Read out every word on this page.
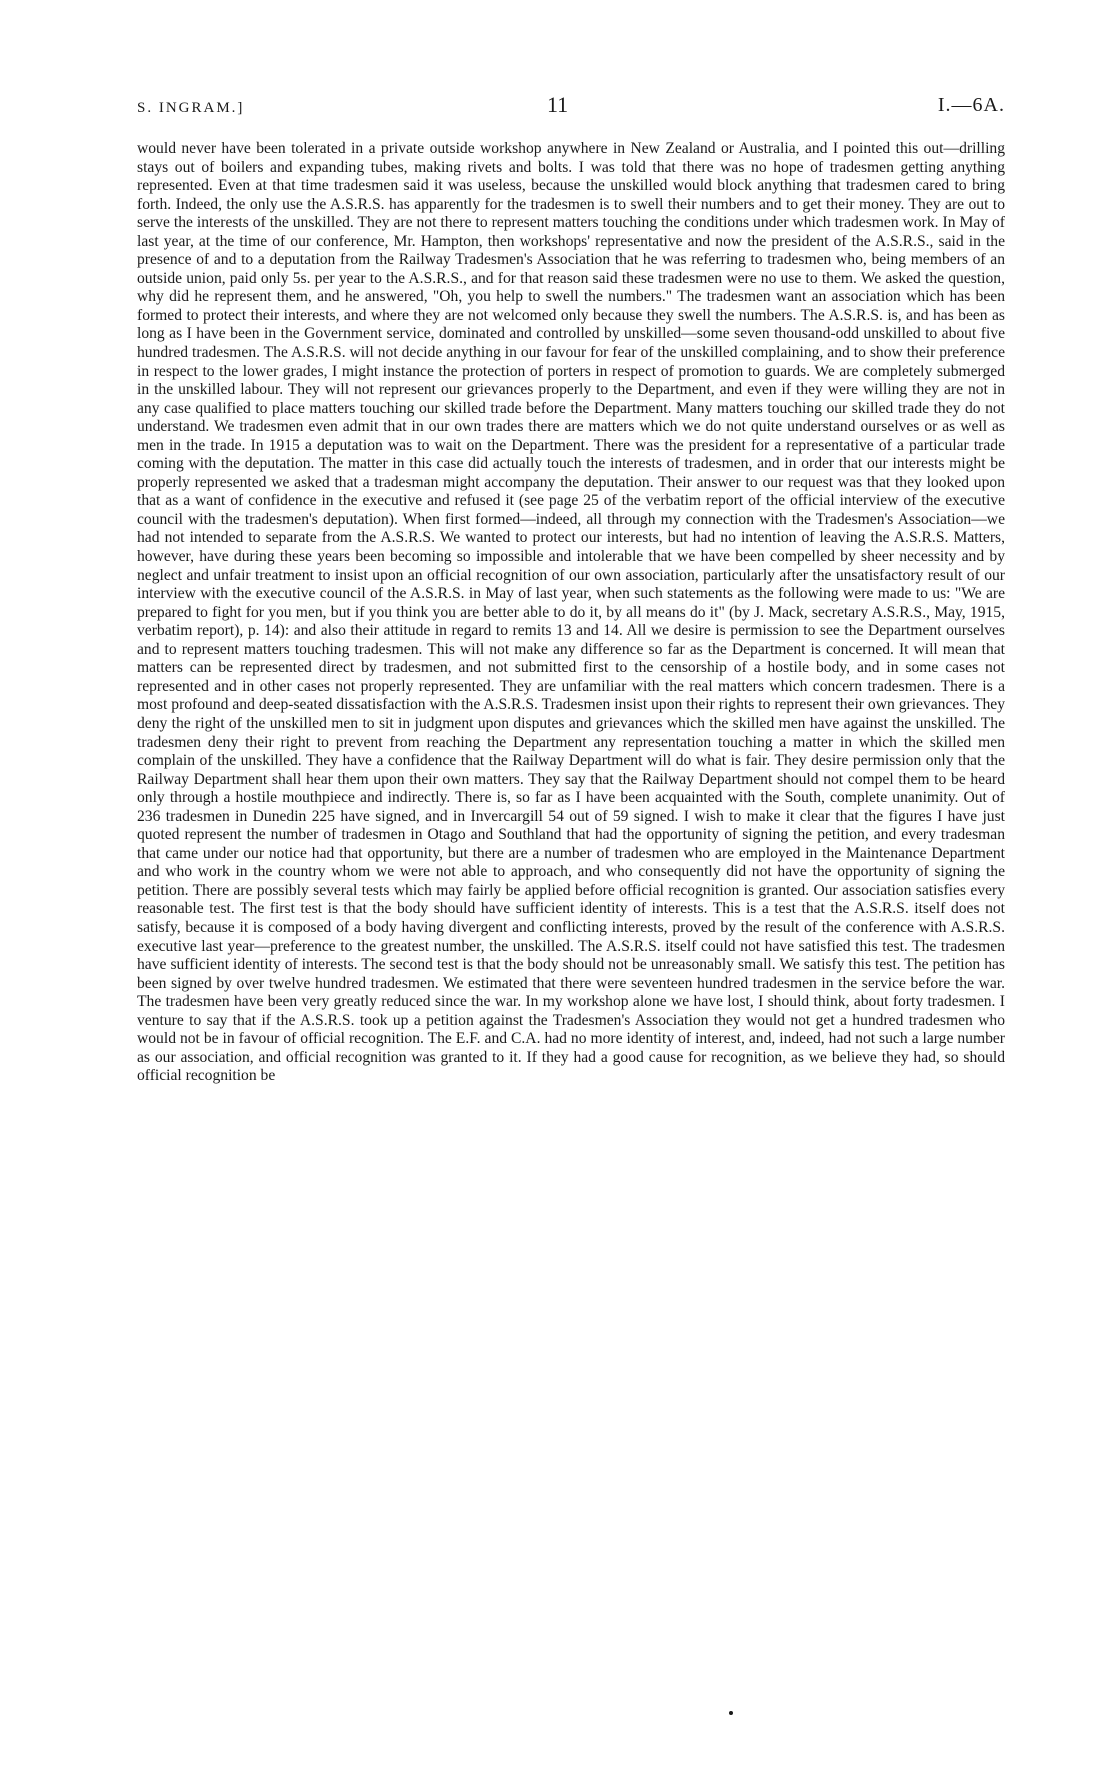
S. INGRAM.]	11	I.—6A.

would never have been tolerated in a private outside workshop anywhere in New Zealand or Australia, and I pointed this out—drilling stays out of boilers and expanding tubes, making rivets and bolts. I was told that there was no hope of tradesmen getting anything represented. Even at that time tradesmen said it was useless, because the unskilled would block anything that tradesmen cared to bring forth. Indeed, the only use the A.S.R.S. has apparently for the tradesmen is to swell their numbers and to get their money. They are out to serve the interests of the unskilled. They are not there to represent matters touching the conditions under which tradesmen work. In May of last year, at the time of our conference, Mr. Hampton, then workshops' representative and now the president of the A.S.R.S., said in the presence of and to a deputation from the Railway Tradesmen's Association that he was referring to tradesmen who, being members of an outside union, paid only 5s. per year to the A.S.R.S., and for that reason said these tradesmen were no use to them. We asked the question, why did he represent them, and he answered, "Oh, you help to swell the numbers." The tradesmen want an association which has been formed to protect their interests, and where they are not welcomed only because they swell the numbers. The A.S.R.S. is, and has been as long as I have been in the Government service, dominated and controlled by unskilled—some seven thousand-odd unskilled to about five hundred tradesmen. The A.S.R.S. will not decide anything in our favour for fear of the unskilled complaining, and to show their preference in respect to the lower grades, I might instance the protection of porters in respect of promotion to guards. We are completely submerged in the unskilled labour. They will not represent our grievances properly to the Department, and even if they were willing they are not in any case qualified to place matters touching our skilled trade before the Department. Many matters touching our skilled trade they do not understand. We tradesmen even admit that in our own trades there are matters which we do not quite understand ourselves or as well as men in the trade. In 1915 a deputation was to wait on the Department. There was the president for a representative of a particular trade coming with the deputation. The matter in this case did actually touch the interests of tradesmen, and in order that our interests might be properly represented we asked that a tradesman might accompany the deputation. Their answer to our request was that they looked upon that as a want of confidence in the executive and refused it (see page 25 of the verbatim report of the official interview of the executive council with the tradesmen's deputation). When first formed—indeed, all through my connection with the Tradesmen's Association—we had not intended to separate from the A.S.R.S. We wanted to protect our interests, but had no intention of leaving the A.S.R.S. Matters, however, have during these years been becoming so impossible and intolerable that we have been compelled by sheer necessity and by neglect and unfair treatment to insist upon an official recognition of our own association, particularly after the unsatisfactory result of our interview with the executive council of the A.S.R.S. in May of last year, when such statements as the following were made to us: "We are prepared to fight for you men, but if you think you are better able to do it, by all means do it" (by J. Mack, secretary A.S.R.S., May, 1915, verbatim report), p. 14): and also their attitude in regard to remits 13 and 14. All we desire is permission to see the Department ourselves and to represent matters touching tradesmen. This will not make any difference so far as the Department is concerned. It will mean that matters can be represented direct by tradesmen, and not submitted first to the censorship of a hostile body, and in some cases not represented and in other cases not properly represented. They are unfamiliar with the real matters which concern tradesmen. There is a most profound and deep-seated dissatisfaction with the A.S.R.S. Tradesmen insist upon their rights to represent their own grievances. They deny the right of the unskilled men to sit in judgment upon disputes and grievances which the skilled men have against the unskilled. The tradesmen deny their right to prevent from reaching the Department any representation touching a matter in which the skilled men complain of the unskilled. They have a confidence that the Railway Department will do what is fair. They desire permission only that the Railway Department shall hear them upon their own matters. They say that the Railway Department should not compel them to be heard only through a hostile mouthpiece and indirectly. There is, so far as I have been acquainted with the South, complete unanimity. Out of 236 tradesmen in Dunedin 225 have signed, and in Invercargill 54 out of 59 signed. I wish to make it clear that the figures I have just quoted represent the number of tradesmen in Otago and Southland that had the opportunity of signing the petition, and every tradesman that came under our notice had that opportunity, but there are a number of tradesmen who are employed in the Maintenance Department and who work in the country whom we were not able to approach, and who consequently did not have the opportunity of signing the petition. There are possibly several tests which may fairly be applied before official recognition is granted. Our association satisfies every reasonable test. The first test is that the body should have sufficient identity of interests. This is a test that the A.S.R.S. itself does not satisfy, because it is composed of a body having divergent and conflicting interests, proved by the result of the conference with A.S.R.S. executive last year—preference to the greatest number, the unskilled. The A.S.R.S. itself could not have satisfied this test. The tradesmen have sufficient identity of interests. The second test is that the body should not be unreasonably small. We satisfy this test. The petition has been signed by over twelve hundred tradesmen. We estimated that there were seventeen hundred tradesmen in the service before the war. The tradesmen have been very greatly reduced since the war. In my workshop alone we have lost, I should think, about forty tradesmen. I venture to say that if the A.S.R.S. took up a petition against the Tradesmen's Association they would not get a hundred tradesmen who would not be in favour of official recognition. The E.F. and C.A. had no more identity of interest, and, indeed, had not such a large number as our association, and official recognition was granted to it. If they had a good cause for recognition, as we believe they had, so should official recognition be
